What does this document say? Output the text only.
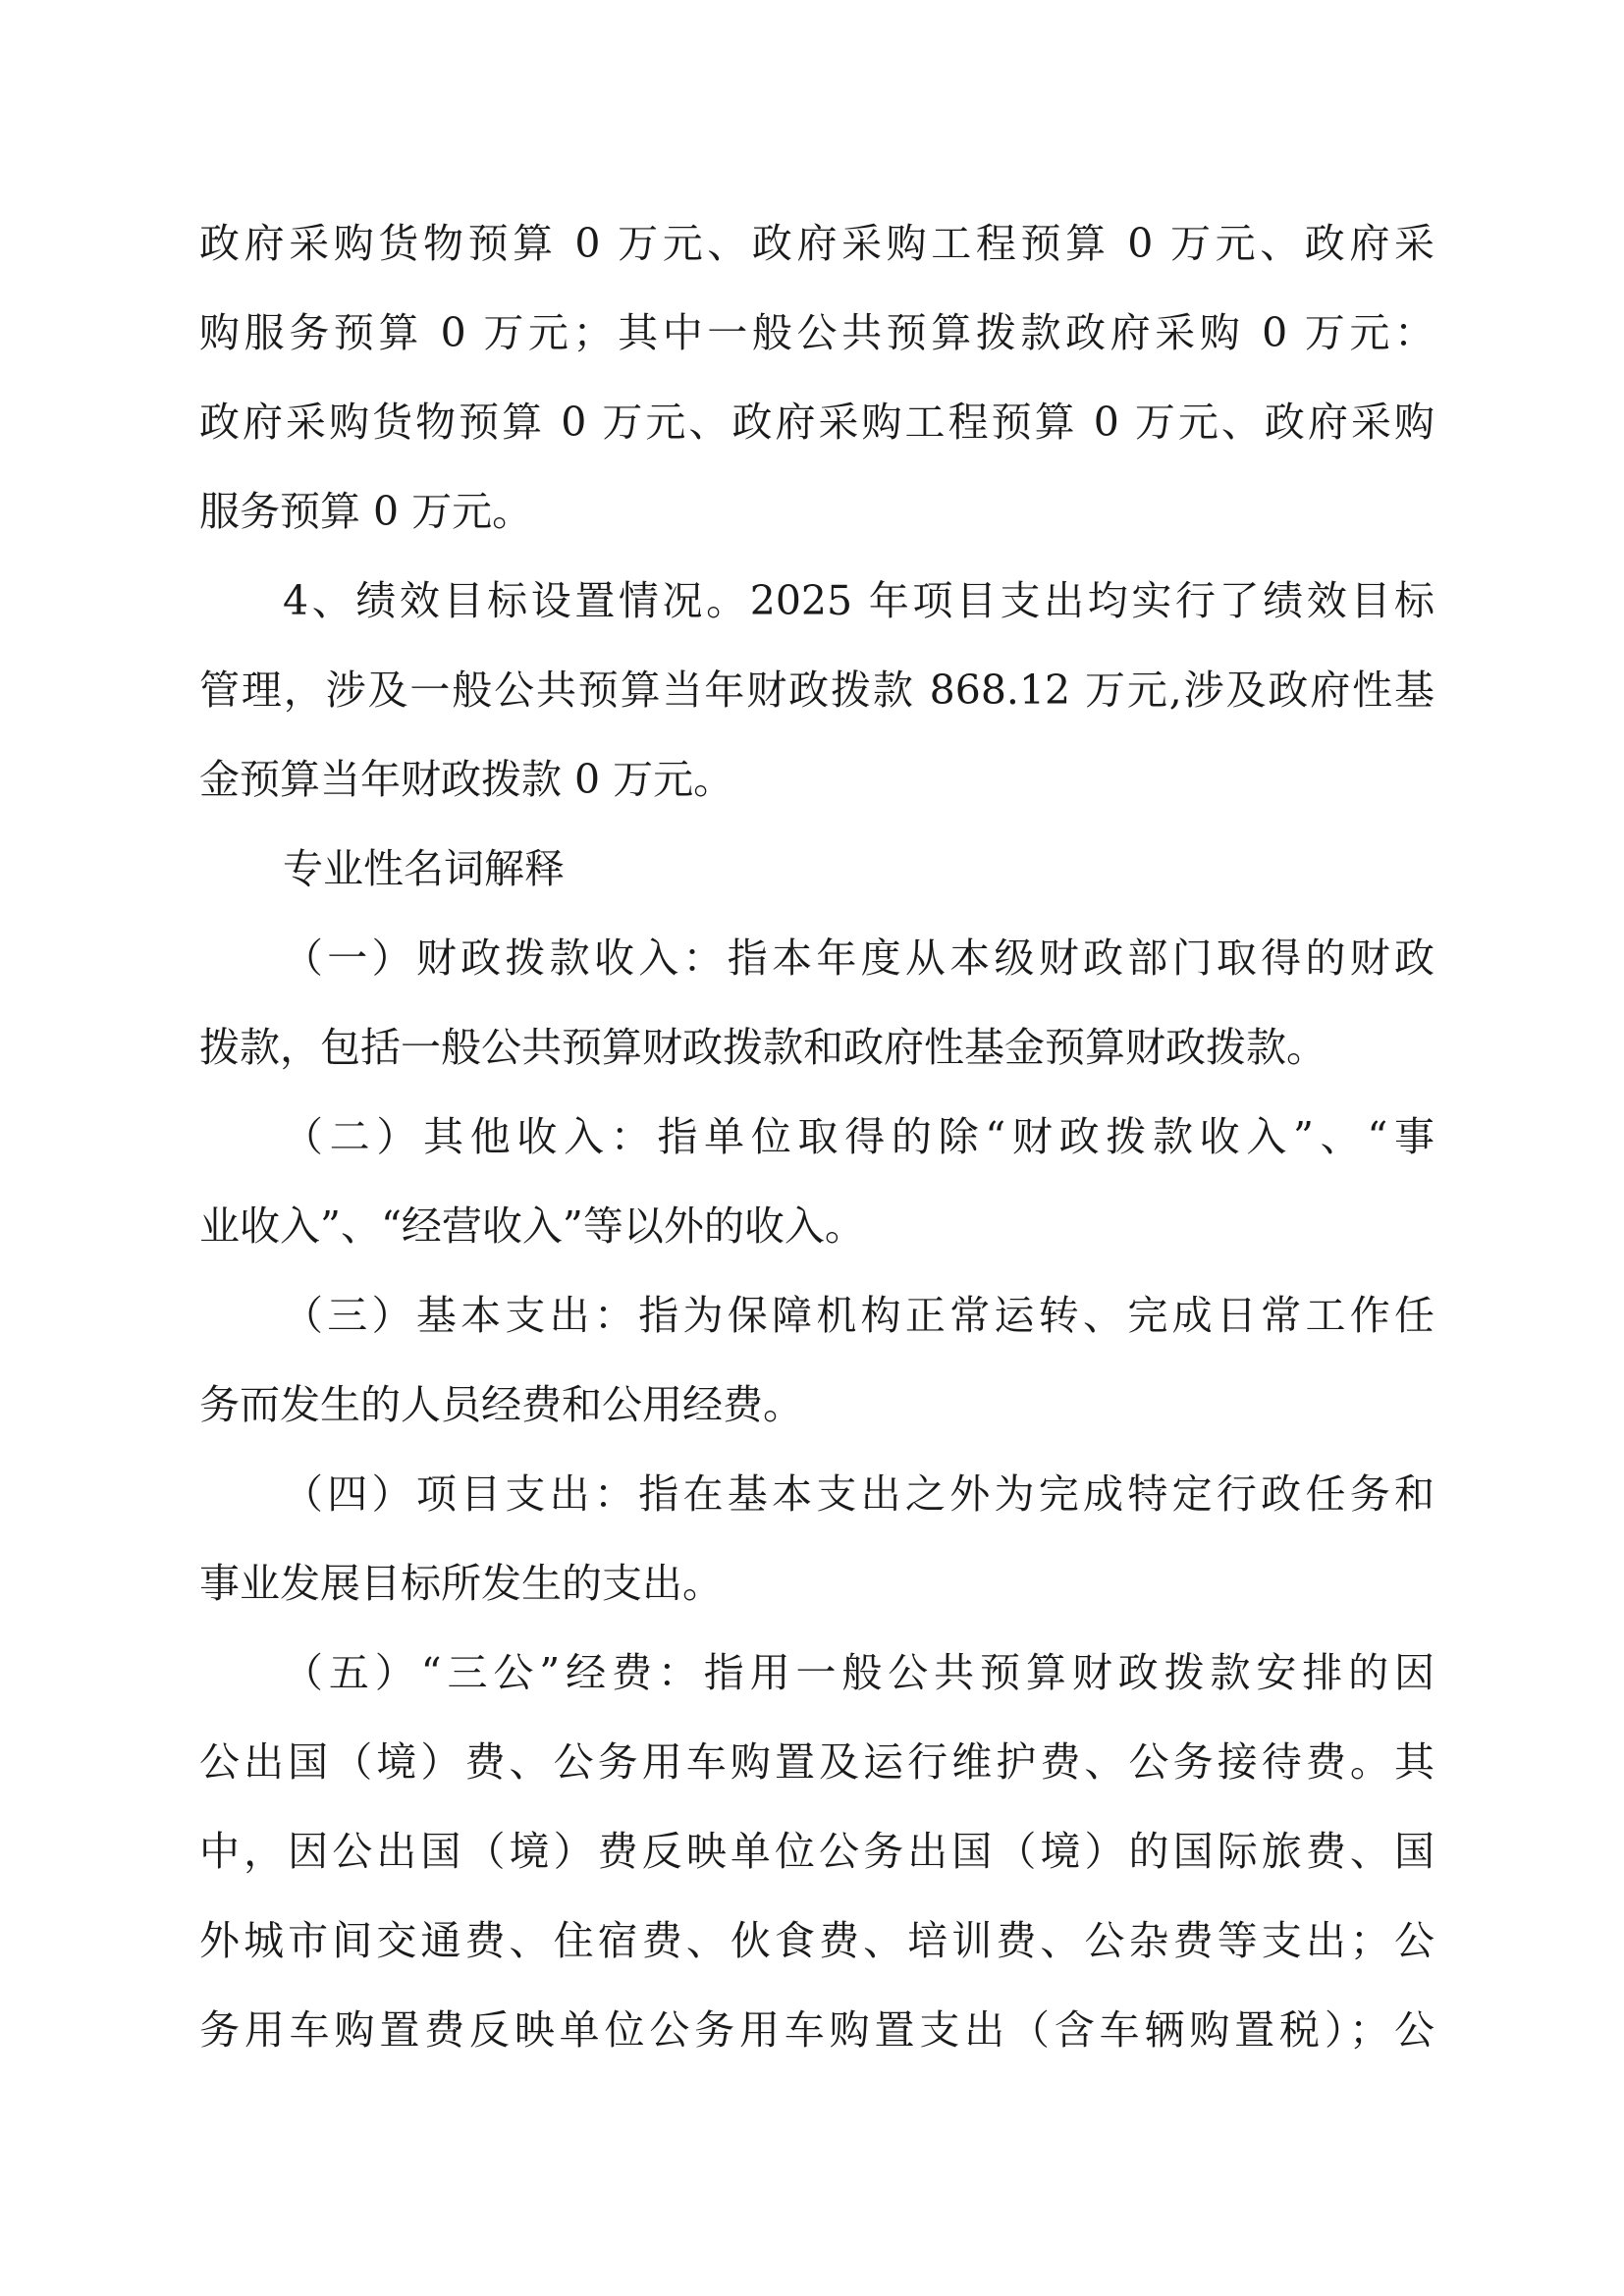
政府采购货物预算 0 万元、政府采购工程预算 0 万元、政府采
购服务预算 0 万元；其中一般公共预算拨款政府采购 0 万元：
政府采购货物预算 0 万元、政府采购工程预算 0 万元、政府采购
服务预算 0 万元。
4、绩效目标设置情况。2025 年项目支出均实行了绩效目标
管理，涉及一般公共预算当年财政拨款 868.12 万元,涉及政府性基
金预算当年财政拨款 0 万元。
专业性名词解释
（一）财政拨款收入：指本年度从本级财政部门取得的财政
拨款，包括一般公共预算财政拨款和政府性基金预算财政拨款。
（二）其他收入：指单位取得的除“财政拨款收入”、“事
业收入”、“经营收入”等以外的收入。
（三）基本支出：指为保障机构正常运转、完成日常工作任
务而发生的人员经费和公用经费。
（四）项目支出：指在基本支出之外为完成特定行政任务和
事业发展目标所发生的支出。
（五）“三公”经费：指用一般公共预算财政拨款安排的因
公出国（境）费、公务用车购置及运行维护费、公务接待费。其
中，因公出国（境）费反映单位公务出国（境）的国际旅费、国
外城市间交通费、住宿费、伙食费、培训费、公杂费等支出；公
务用车购置费反映单位公务用车购置支出（含车辆购置税）；公
